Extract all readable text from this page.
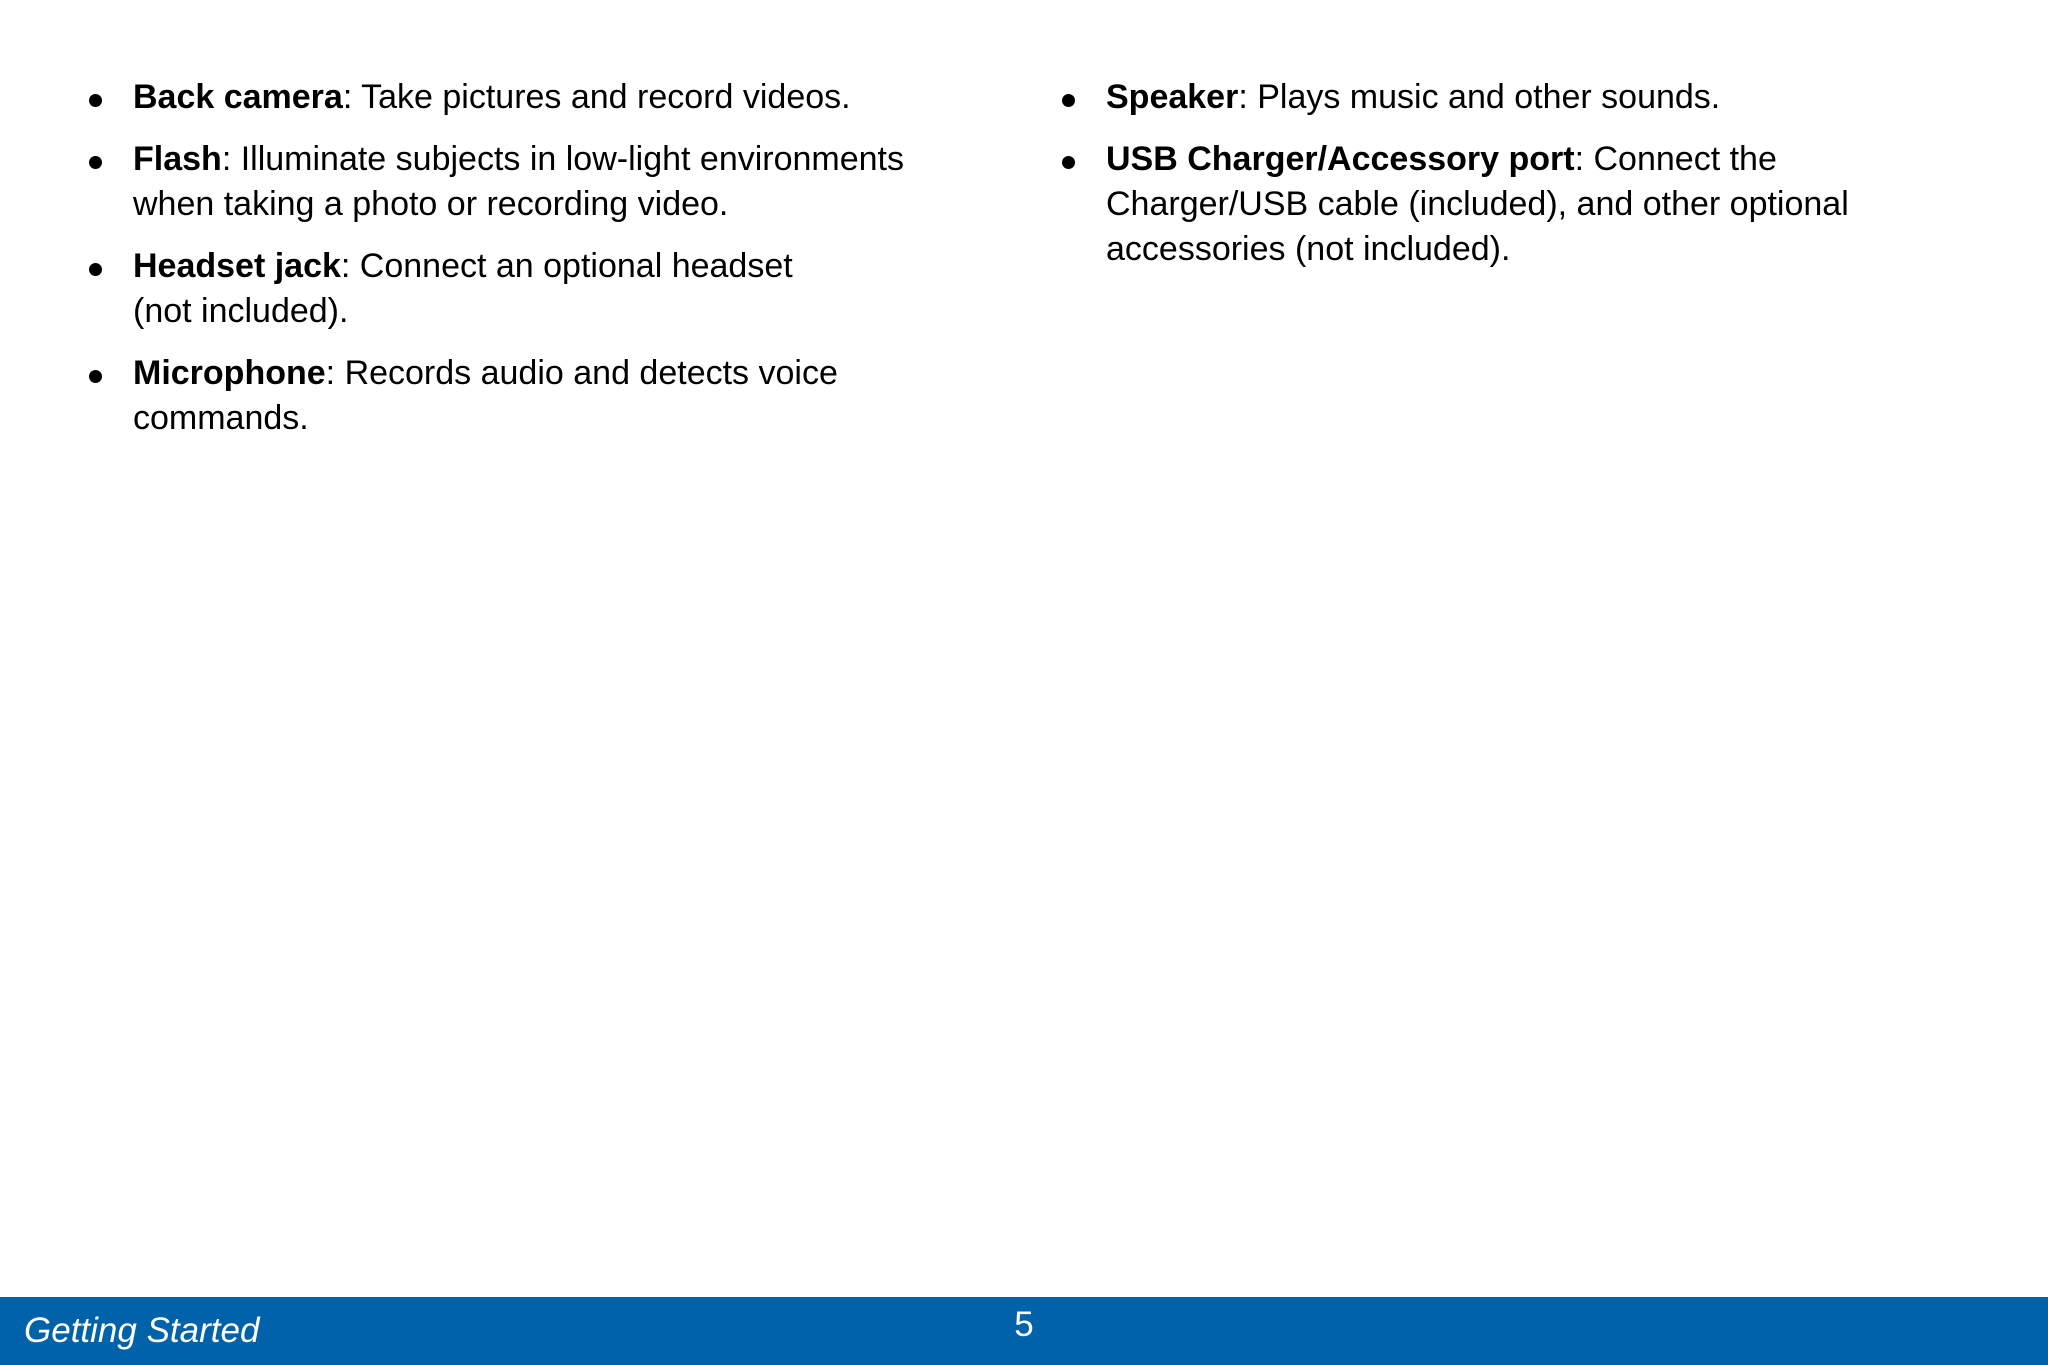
Back camera: Take pictures and record videos.
Flash: Illuminate subjects in low-light environments
when taking a photo or recording video.
Headset jack: Connect an optional headset
(not included).
Microphone: Records audio and detects voice
commands.
Speaker: Plays music and other sounds.
USB Charger/Accessory port: Connect the
Charger/USB cable (included), and other optional
accessories (not included).
Getting Started	5
